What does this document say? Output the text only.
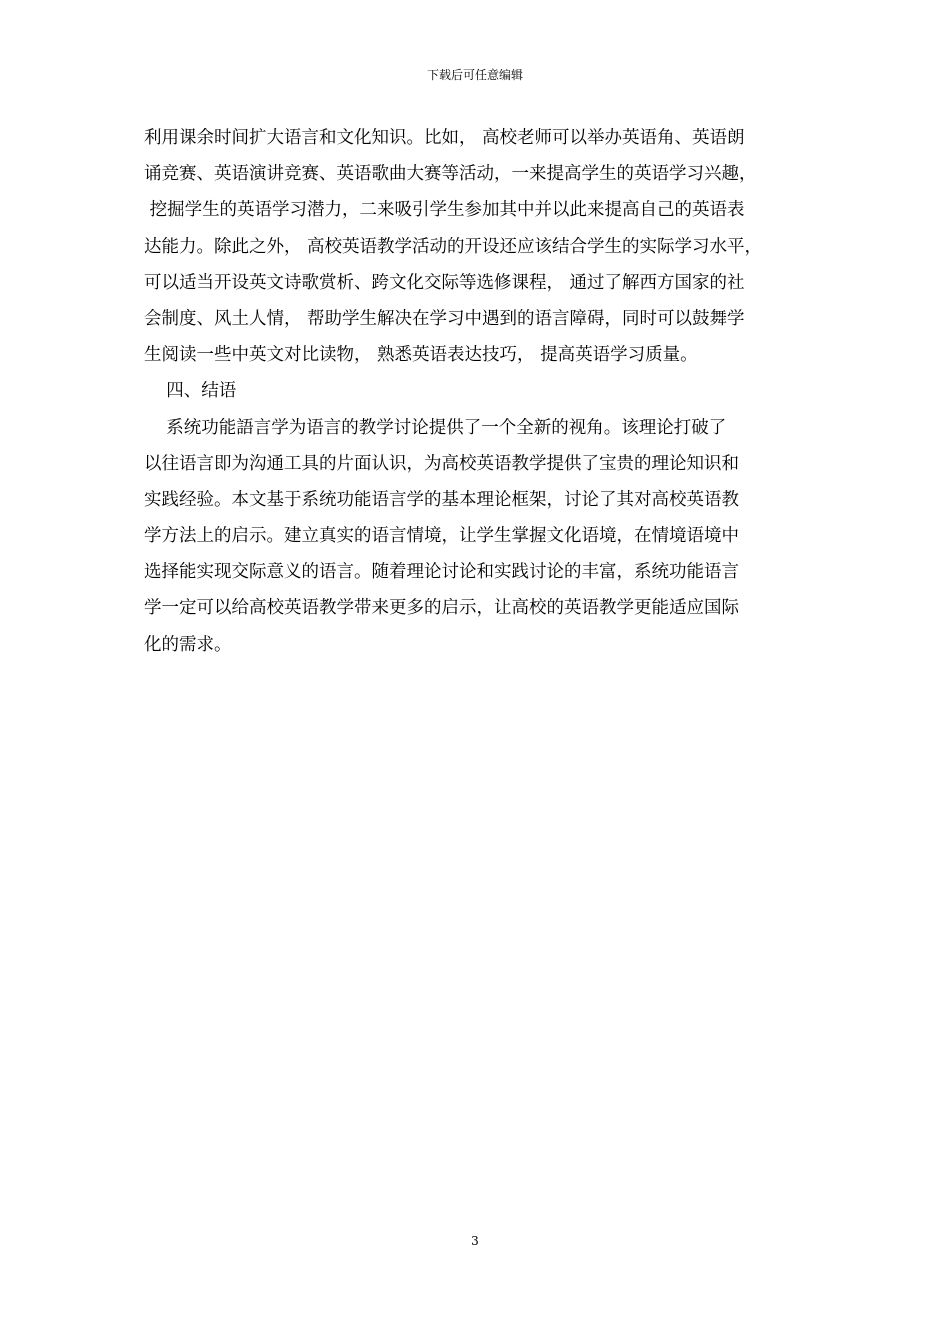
下载后可任意编辑
利用课余时间扩大语言和文化知识。比如， 高校老师可以举办英语角、英语朗
诵竞赛、英语演讲竞赛、英语歌曲大赛等活动，一来提高学生的英语学习兴趣，
挖掘学生的英语学习潜力，二来吸引学生参加其中并以此来提高自己的英语表
达能力。除此之外， 高校英语教学活动的开设还应该结合学生的实际学习水平，
可以适当开设英文诗歌赏析、跨文化交际等选修课程， 通过了解西方国家的社
会制度、风土人情， 帮助学生解决在学习中遇到的语言障碍，同时可以鼓舞学
生阅读一些中英文对比读物， 熟悉英语表达技巧， 提高英语学习质量。
四、结语
系统功能語言学为语言的教学讨论提供了一个全新的视角。该理论打破了
以往语言即为沟通工具的片面认识，为高校英语教学提供了宝贵的理论知识和
实践经验。本文基于系统功能语言学的基本理论框架，讨论了其对高校英语教
学方法上的启示。建立真实的语言情境，让学生掌握文化语境，在情境语境中
选择能实现交际意义的语言。随着理论讨论和实践讨论的丰富，系统功能语言
学一定可以给高校英语教学带来更多的启示，让高校的英语教学更能适应国际
化的需求。
3
